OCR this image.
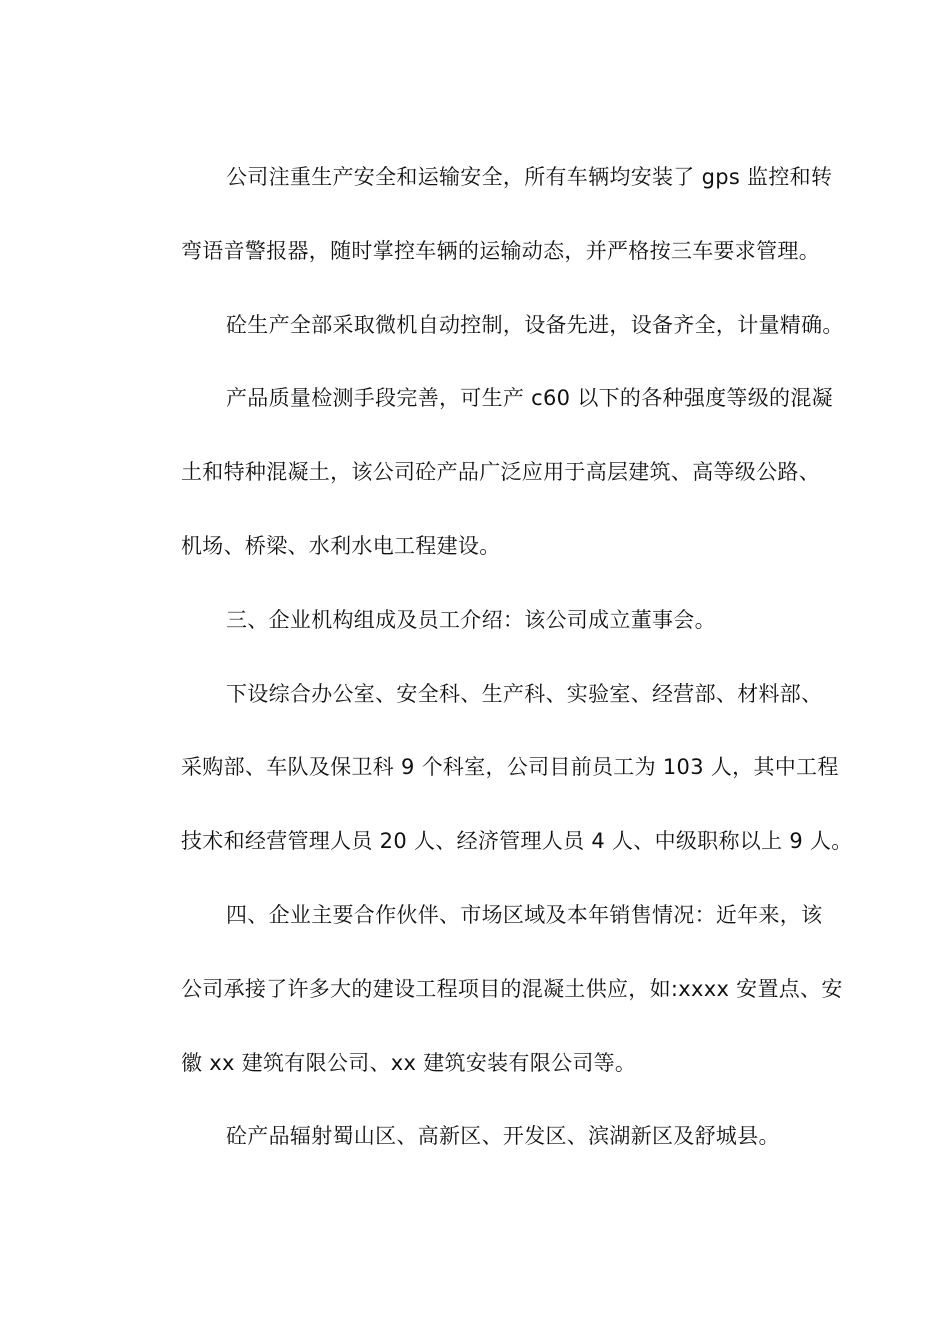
公司注重生产安全和运输安全，所有车辆均安装了 gps 监控和转
弯语音警报器，随时掌控车辆的运输动态，并严格按三车要求管理。
砼生产全部采取微机自动控制，设备先进，设备齐全，计量精确。
产品质量检测手段完善，可生产 c60 以下的各种强度等级的混凝
土和特种混凝土，该公司砼产品广泛应用于高层建筑、高等级公路、
机场、桥梁、水利水电工程建设。
三、企业机构组成及员工介绍：该公司成立董事会。
下设综合办公室、安全科、生产科、实验室、经营部、材料部、
采购部、车队及保卫科 9 个科室，公司目前员工为 103 人，其中工程
技术和经营管理人员 20 人、经济管理人员 4 人、中级职称以上 9 人。
四、企业主要合作伙伴、市场区域及本年销售情况：近年来，该
公司承接了许多大的建设工程项目的混凝土供应，如:xxxx 安置点、安
徽 xx 建筑有限公司、xx 建筑安装有限公司等。
砼产品辐射蜀山区、高新区、开发区、滨湖新区及舒城县。
